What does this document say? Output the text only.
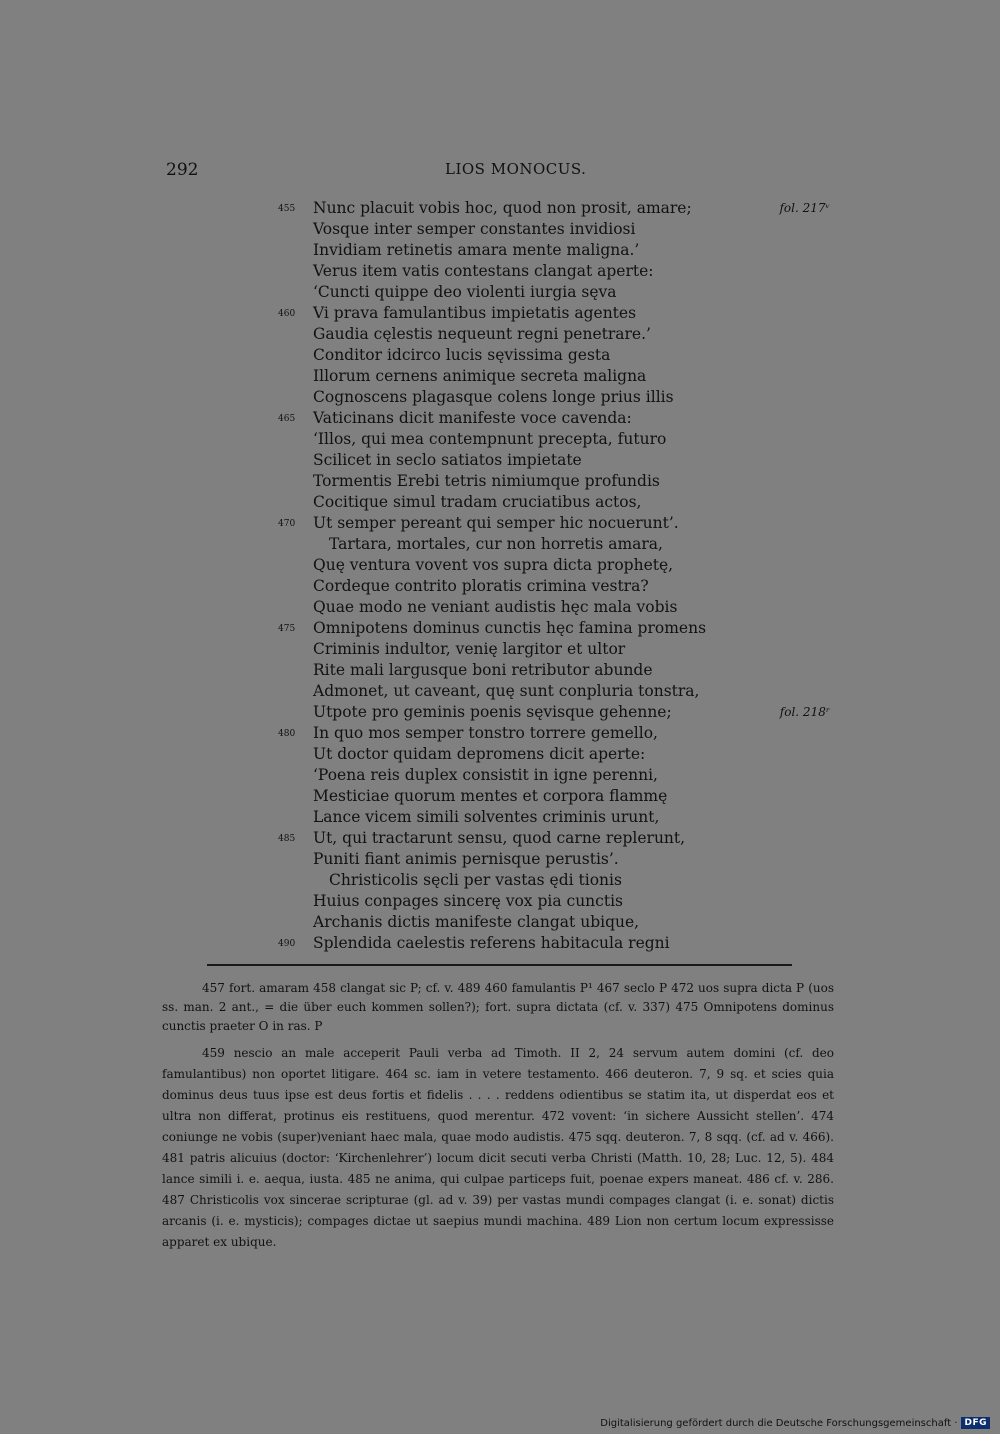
292	LIOS MONOCUS.
455 Nunc placuit vobis hoc, quod non prosit, amare;	fol. 217ᵛ
Vosque inter semper constantes invidiosi
Invidiam retinetis amara mente maligna.’
Verus item vatis contestans clangat aperte:
‘Cuncti quippe deo violenti iurgia sęva
460 Vi prava famulantibus impietatis agentes
Gaudia cęlestis nequeunt regni penetrare.’
Conditor idcirco lucis sęvissima gesta
Illorum cernens animique secreta maligna
Cognoscens plagasque colens longe prius illis
465 Vaticinans dicit manifeste voce cavenda:
‘Illos, qui mea contempnunt precepta, futuro
Scilicet in seclo satiatos impietate
Tormentis Erebi tetris nimiumque profundis
Cocitique simul tradam cruciatibus actos,
470 Ut semper pereant qui semper hic nocuerunt’.
Tartara, mortales, cur non horretis amara,
Quę ventura vovent vos supra dicta prophetę,
Cordeque contrito ploratis crimina vestra?
Quae modo ne veniant audistis hęc mala vobis
475 Omnipotens dominus cunctis hęc famina promens
Criminis indultor, venię largitor et ultor
Rite mali largusque boni retributor abunde
Admonet, ut caveant, quę sunt conpluria tonstra,
Utpote pro geminis poenis sęvisque gehenne;	fol. 218ʳ
480 In quo mos semper tonstro torrere gemello,
Ut doctor quidam depromens dicit aperte:
‘Poena reis duplex consistit in igne perenni,
Mesticiae quorum mentes et corpora flammę
Lance vicem simili solventes criminis urunt,
485 Ut, qui tractarunt sensu, quod carne replerunt,
Puniti fiant animis pernisque perustis’.
Christicolis sęcli per vastas ędi tionis
Huius conpages sincerę vox pia cunctis
Archanis dictis manifeste clangat ubique,
490 Splendida caelestis referens habitacula regni

457 fort. amaram 458 clangat sic P; cf. v. 489 460 famulantis P¹ 467 seclo P 472 uos supra dicta P (uos ss. man. 2 ant., = die über euch kommen sollen?); fort. supra dictata (cf. v. 337) 475 Omnipotens dominus cunctis praeter O in ras. P

459 nescio an male acceperit Pauli verba ad Timoth. II 2, 24 servum autem domini (cf. deo famulantibus) non oportet litigare. 464 sc. iam in vetere testamento. 466 deuteron. 7, 9 sq. et scies quia dominus deus tuus ipse est deus fortis et fidelis . . . . reddens odientibus se statim ita, ut disperdat eos et ultra non differat, protinus eis restituens, quod merentur. 472 vovent: ‘in sichere Aussicht stellen’. 474 coniunge ne vobis (super)veniant haec mala, quae modo audistis. 475 sqq. deuteron. 7, 8 sqq. (cf. ad v. 466). 481 patris alicuius (doctor: ‘Kirchenlehrer’) locum dicit secuti verba Christi (Matth. 10, 28; Luc. 12, 5). 484 lance simili i. e. aequa, iusta. 485 ne anima, qui culpae particeps fuit, poenae expers maneat. 486 cf. v. 286. 487 Christicolis vox sincerae scripturae (gl. ad v. 39) per vastas mundi compages clangat (i. e. sonat) dictis arcanis (i. e. mysticis); compages dictae ut saepius mundi machina. 489 Lion non certum locum expressisse apparet ex ubique.

Digitalisierung gefördert durch die Deutsche Forschungsgemeinschaft · DFG
